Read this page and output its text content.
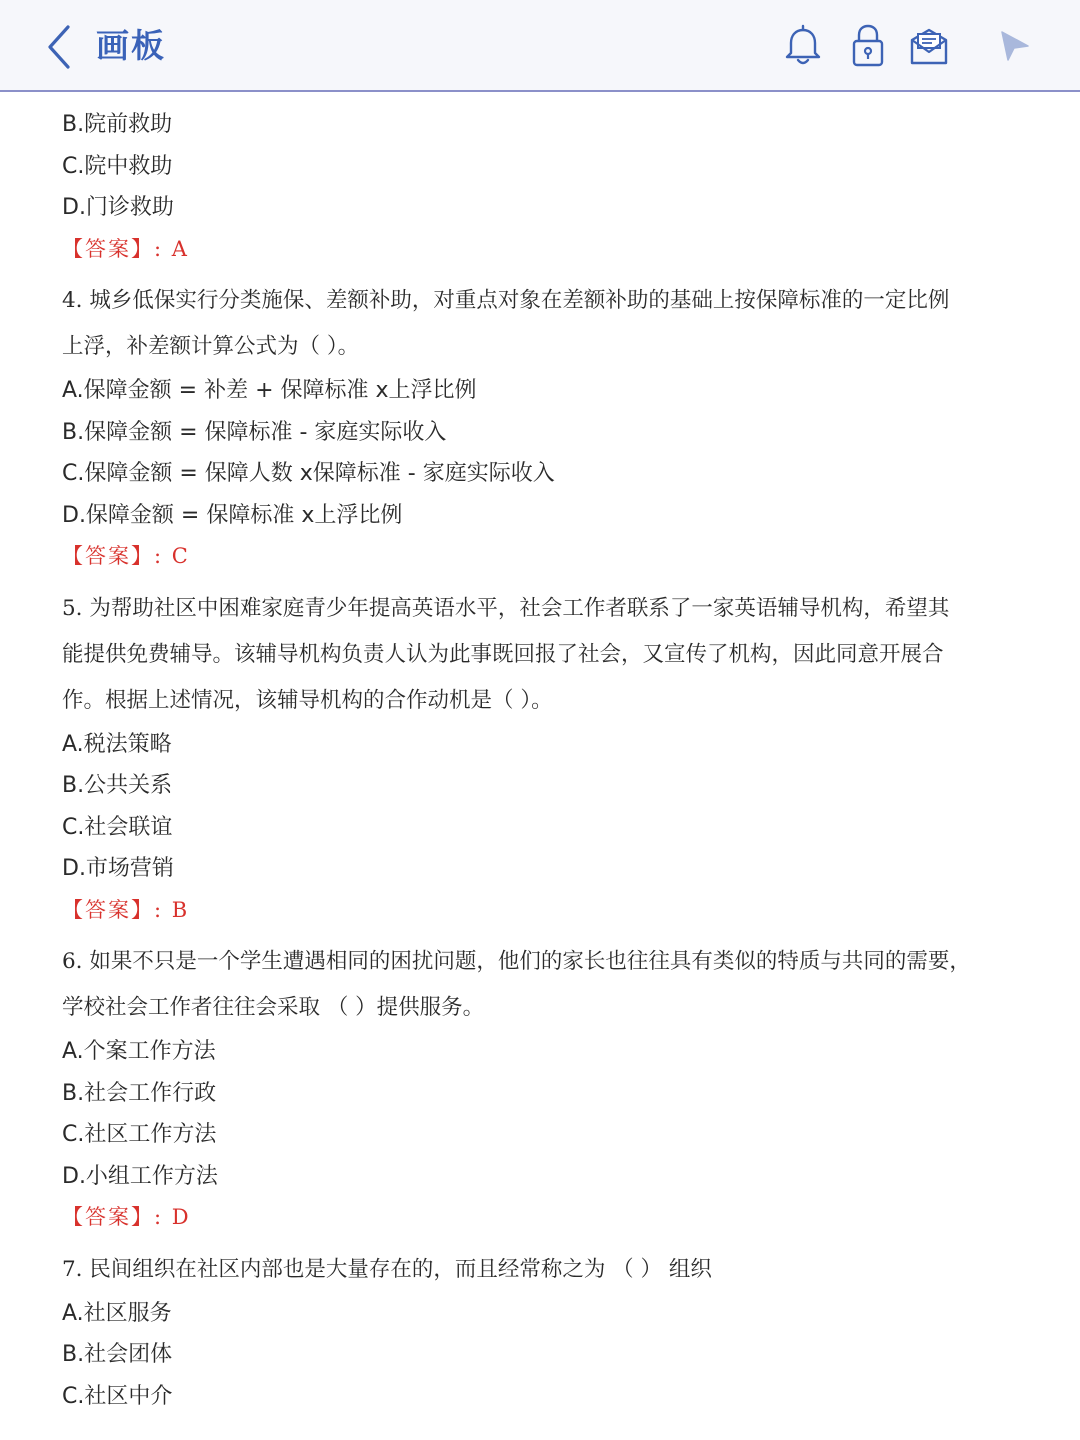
画板
B.院前救助
C.院中救助
D.门诊救助
【答案】: A
4. 城乡低保实行分类施保、差额补助，对重点对象在差额补助的基础上按保障标准的一定比例
上浮，补差额计算公式为（ ）。
A.保障金额 = 补差 + 保障标准 x上浮比例
B.保障金额 = 保障标准 - 家庭实际收入
C.保障金额 = 保障人数 x保障标准 - 家庭实际收入
D.保障金额 = 保障标准 x上浮比例
【答案】: C
5. 为帮助社区中困难家庭青少年提高英语水平，社会工作者联系了一家英语辅导机构，希望其
能提供免费辅导。该辅导机构负责人认为此事既回报了社会，又宣传了机构，因此同意开展合
作。根据上述情况，该辅导机构的合作动机是（ ）。
A.税法策略
B.公共关系
C.社会联谊
D.市场营销
【答案】: B
6. 如果不只是一个学生遭遇相同的困扰问题，他们的家长也往往具有类似的特质与共同的需要，
学校社会工作者往往会采取 （ ）提供服务。
A.个案工作方法
B.社会工作行政
C.社区工作方法
D.小组工作方法
【答案】: D
7. 民间组织在社区内部也是大量存在的，而且经常称之为 （ ） 组织
A.社区服务
B.社会团体
C.社区中介
